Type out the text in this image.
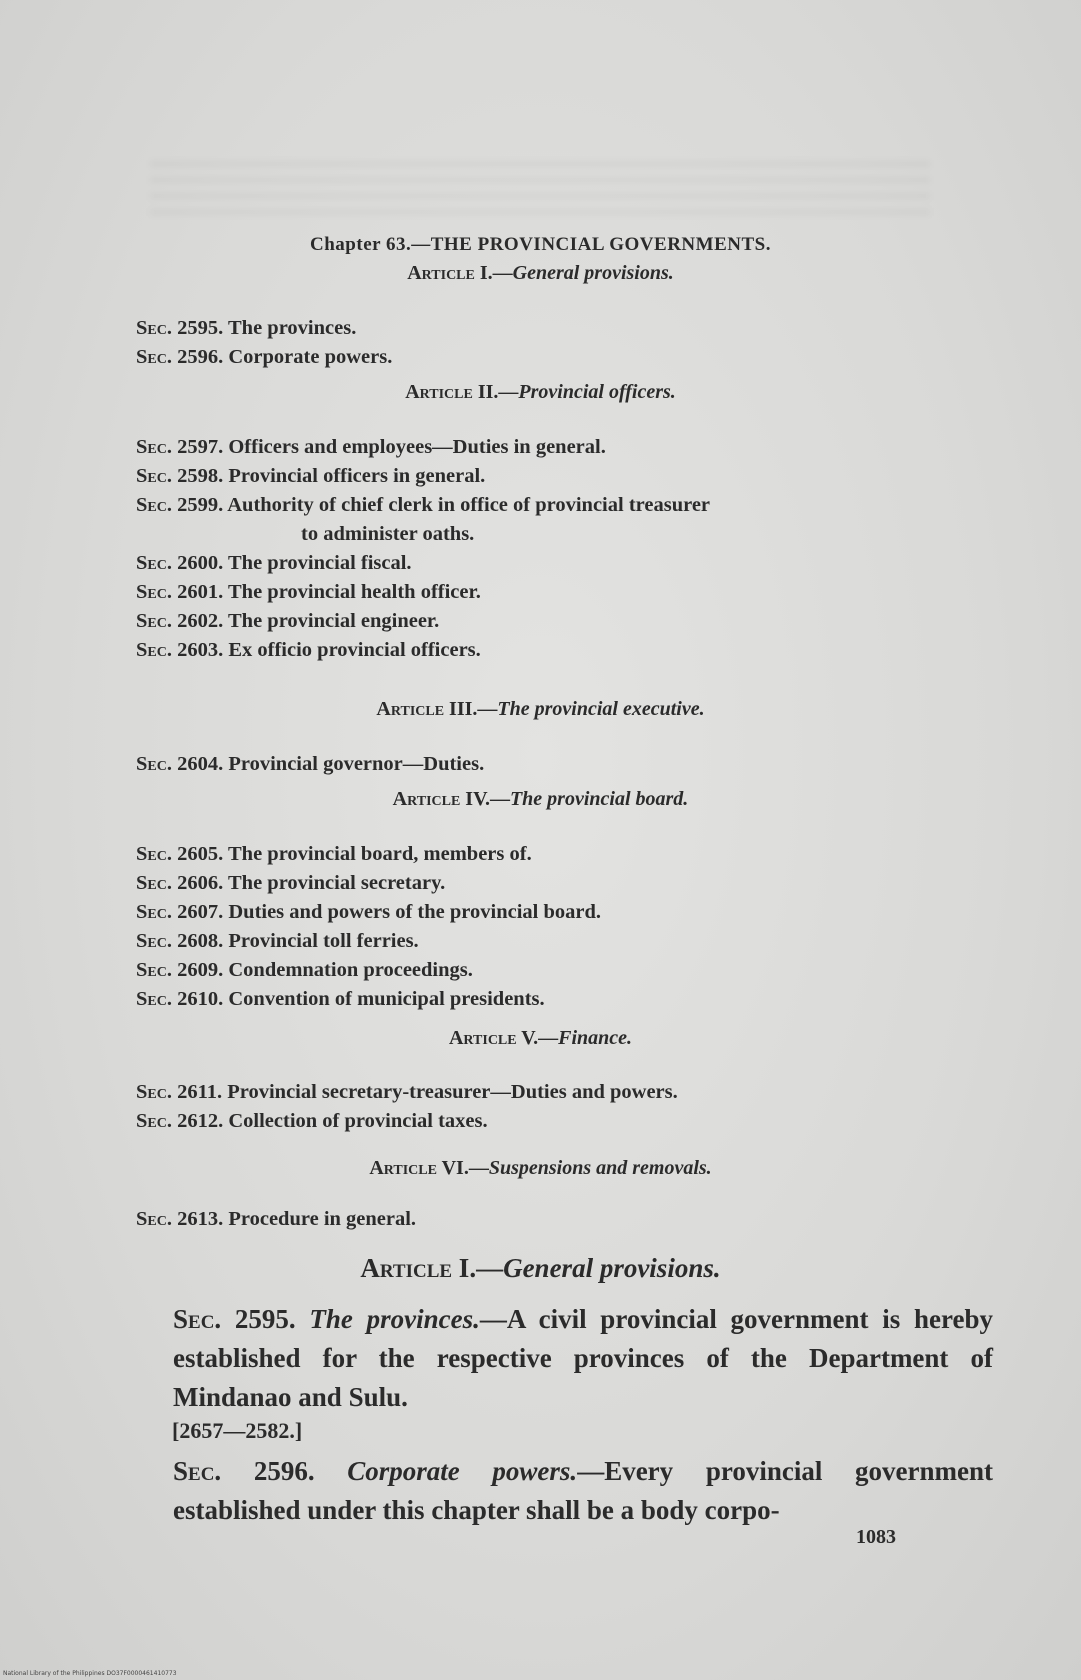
Chapter 63.—THE PROVINCIAL GOVERNMENTS.
Article I.—General provisions.
Sec. 2595. The provinces.
Sec. 2596. Corporate powers.
Article II.—Provincial officers.
Sec. 2597. Officers and employees—Duties in general.
Sec. 2598. Provincial officers in general.
Sec. 2599. Authority of chief clerk in office of provincial treasurer
to administer oaths.
Sec. 2600. The provincial fiscal.
Sec. 2601. The provincial health officer.
Sec. 2602. The provincial engineer.
Sec. 2603. Ex officio provincial officers.
Article III.—The provincial executive.
Sec. 2604. Provincial governor—Duties.
Article IV.—The provincial board.
Sec. 2605. The provincial board, members of.
Sec. 2606. The provincial secretary.
Sec. 2607. Duties and powers of the provincial board.
Sec. 2608. Provincial toll ferries.
Sec. 2609. Condemnation proceedings.
Sec. 2610. Convention of municipal presidents.
Article V.—Finance.
Sec. 2611. Provincial secretary-treasurer—Duties and powers.
Sec. 2612. Collection of provincial taxes.
Article VI.—Suspensions and removals.
Sec. 2613. Procedure in general.
Article I.—General provisions.
Sec. 2595. The provinces.—A civil provincial government is hereby established for the respective provinces of the Department of Mindanao and Sulu.
[2657—2582.]
Sec. 2596. Corporate powers.—Every provincial government established under this chapter shall be a body corpo-
1083
National Library of the Philippines DO37F0000461410773
